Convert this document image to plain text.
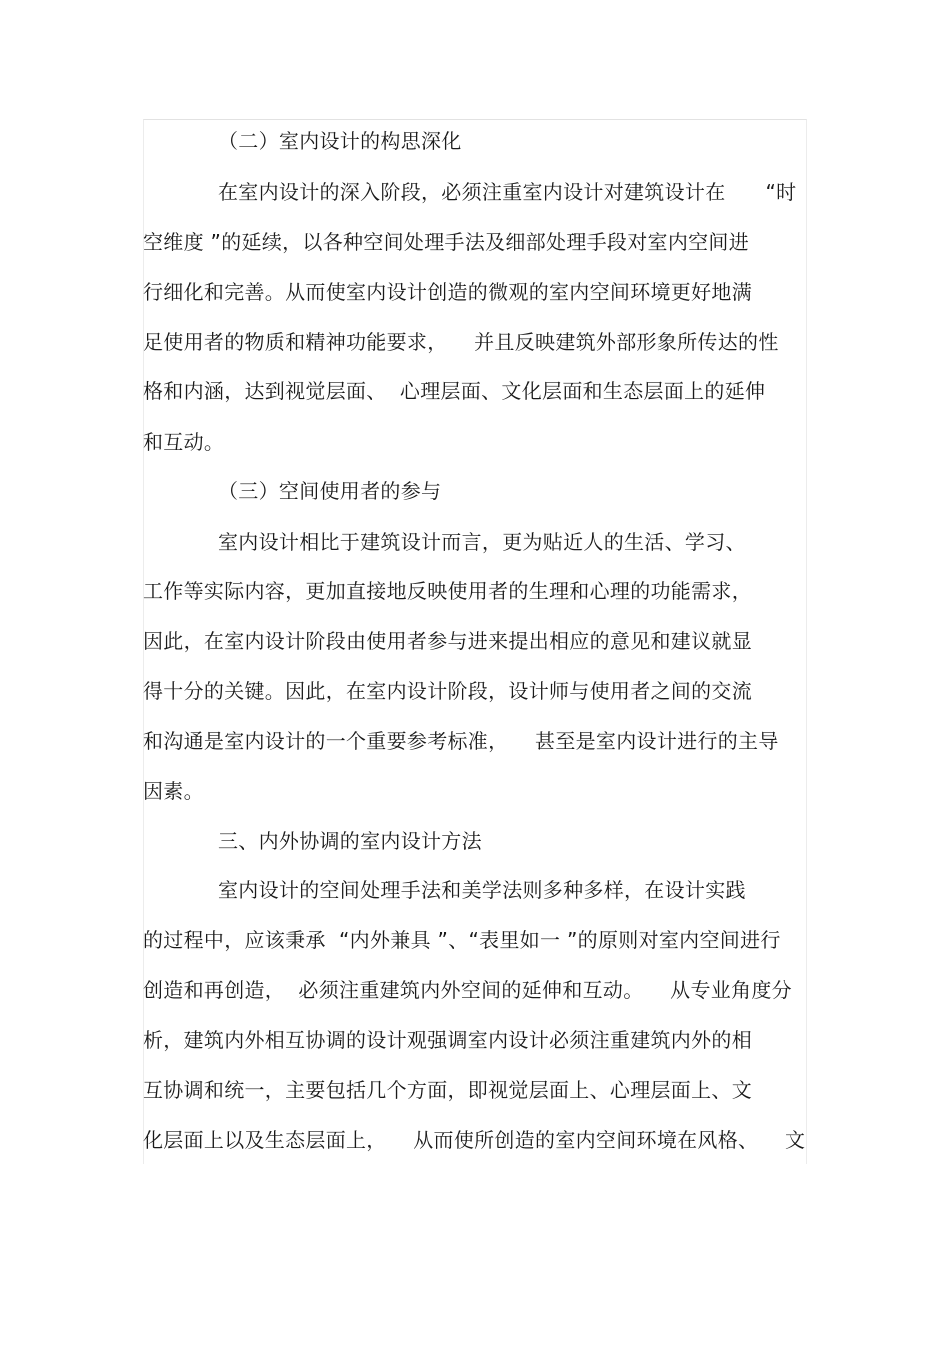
（二）室内设计的构思深化
在室内设计的深入阶段，必须注重室内设计对建筑设计在      “时
空维度 ”的延续，以各种空间处理手法及细部处理手段对室内空间进
行细化和完善。从而使室内设计创造的微观的室内空间环境更好地满
足使用者的物质和精神功能要求，    并且反映建筑外部形象所传达的性
格和内涵，达到视觉层面、  心理层面、文化层面和生态层面上的延伸
和互动。
（三）空间使用者的参与
室内设计相比于建筑设计而言，更为贴近人的生活、学习、
工作等实际内容，更加直接地反映使用者的生理和心理的功能需求，
因此，在室内设计阶段由使用者参与进来提出相应的意见和建议就显
得十分的关键。因此，在室内设计阶段，设计师与使用者之间的交流
和沟通是室内设计的一个重要参考标准，    甚至是室内设计进行的主导
因素。
三、内外协调的室内设计方法
室内设计的空间处理手法和美学法则多种多样，在设计实践
的过程中，应该秉承  “内外兼具 ”、“表里如一 ”的原则对室内空间进行
创造和再创造，  必须注重建筑内外空间的延伸和互动。    从专业角度分
析，建筑内外相互协调的设计观强调室内设计必须注重建筑内外的相
互协调和统一，主要包括几个方面，即视觉层面上、心理层面上、文
化层面上以及生态层面上，    从而使所创造的室内空间环境在风格、    文
